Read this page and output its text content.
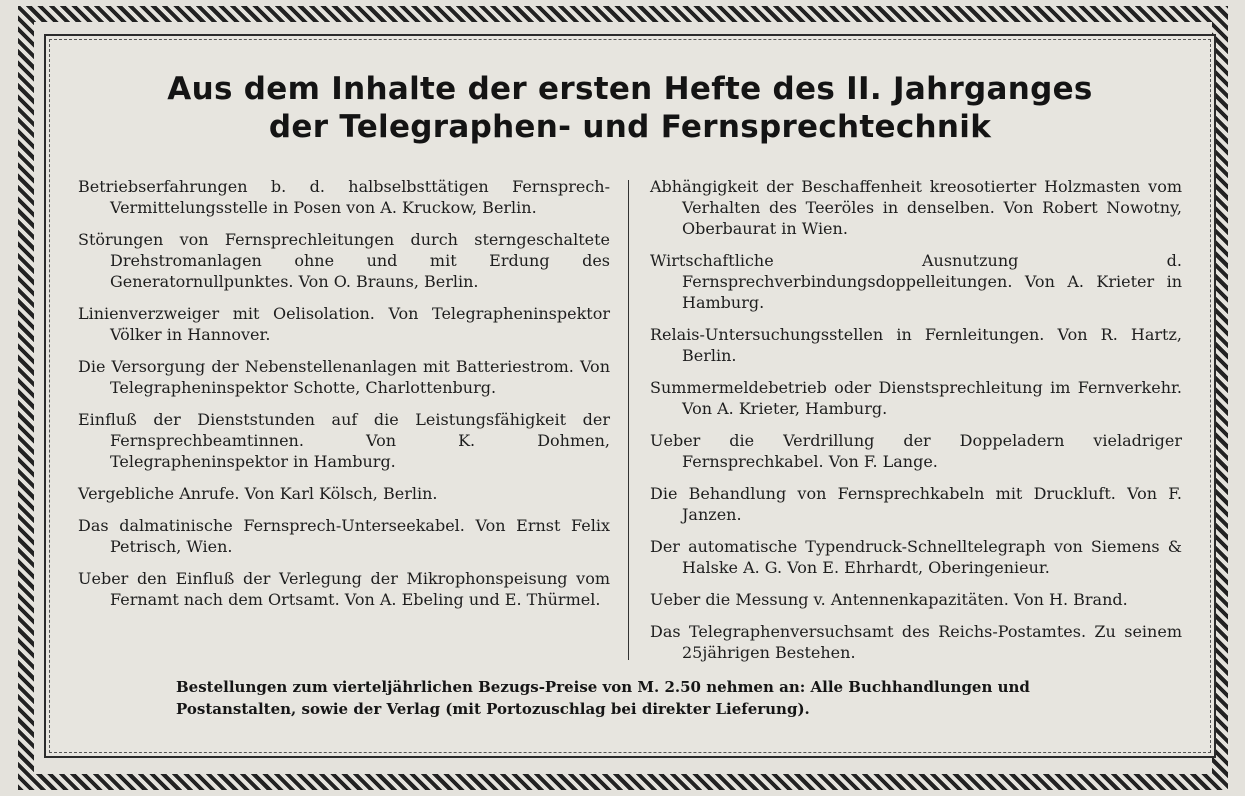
Aus dem Inhalte der ersten Hefte des II. Jahrganges
der Telegraphen- und Fernsprechtechnik

Betriebserfahrungen b. d. halbselbsttätigen Fernsprech-Vermittelungsstelle in Posen von A. Kruckow, Berlin.

Störungen von Fernsprechleitungen durch sterngeschaltete Drehstromanlagen ohne und mit Erdung des Generatornullpunktes. Von O. Brauns, Berlin.

Linienverzweiger mit Oelisolation. Von Telegrapheninspektor Völker in Hannover.

Die Versorgung der Nebenstellenanlagen mit Batteriestrom. Von Telegrapheninspektor Schotte, Charlottenburg.

Einfluß der Dienststunden auf die Leistungsfähigkeit der Fernsprechbeamtinnen. Von K. Dohmen, Telegrapheninspektor in Hamburg.

Vergebliche Anrufe. Von Karl Kölsch, Berlin.

Das dalmatinische Fernsprech-Unterseekabel. Von Ernst Felix Petrisch, Wien.

Ueber den Einfluß der Verlegung der Mikrophonspeisung vom Fernamt nach dem Ortsamt. Von A. Ebeling und E. Thürmel.

Abhängigkeit der Beschaffenheit kreosotierter Holzmasten vom Verhalten des Teeröles in denselben. Von Robert Nowotny, Oberbaurat in Wien.

Wirtschaftliche Ausnutzung d. Fernsprechverbindungsdoppelleitungen. Von A. Krieter in Hamburg.

Relais-Untersuchungsstellen in Fernleitungen. Von R. Hartz, Berlin.

Summermeldebetrieb oder Dienstsprechleitung im Fernverkehr. Von A. Krieter, Hamburg.

Ueber die Verdrillung der Doppeladern vieladriger Fernsprechkabel. Von F. Lange.

Die Behandlung von Fernsprechkabeln mit Druckluft. Von F. Janzen.

Der automatische Typendruck-Schnelltelegraph von Siemens & Halske A. G. Von E. Ehrhardt, Oberingenieur.

Ueber die Messung v. Antennenkapazitäten. Von H. Brand.

Das Telegraphenversuchsamt des Reichs-Postamtes. Zu seinem 25jährigen Bestehen.

Bestellungen zum vierteljährlichen Bezugs-Preise von M. 2.50 nehmen an: Alle Buchhandlungen und Postanstalten, sowie der Verlag (mit Portozuschlag bei direkter Lieferung).
